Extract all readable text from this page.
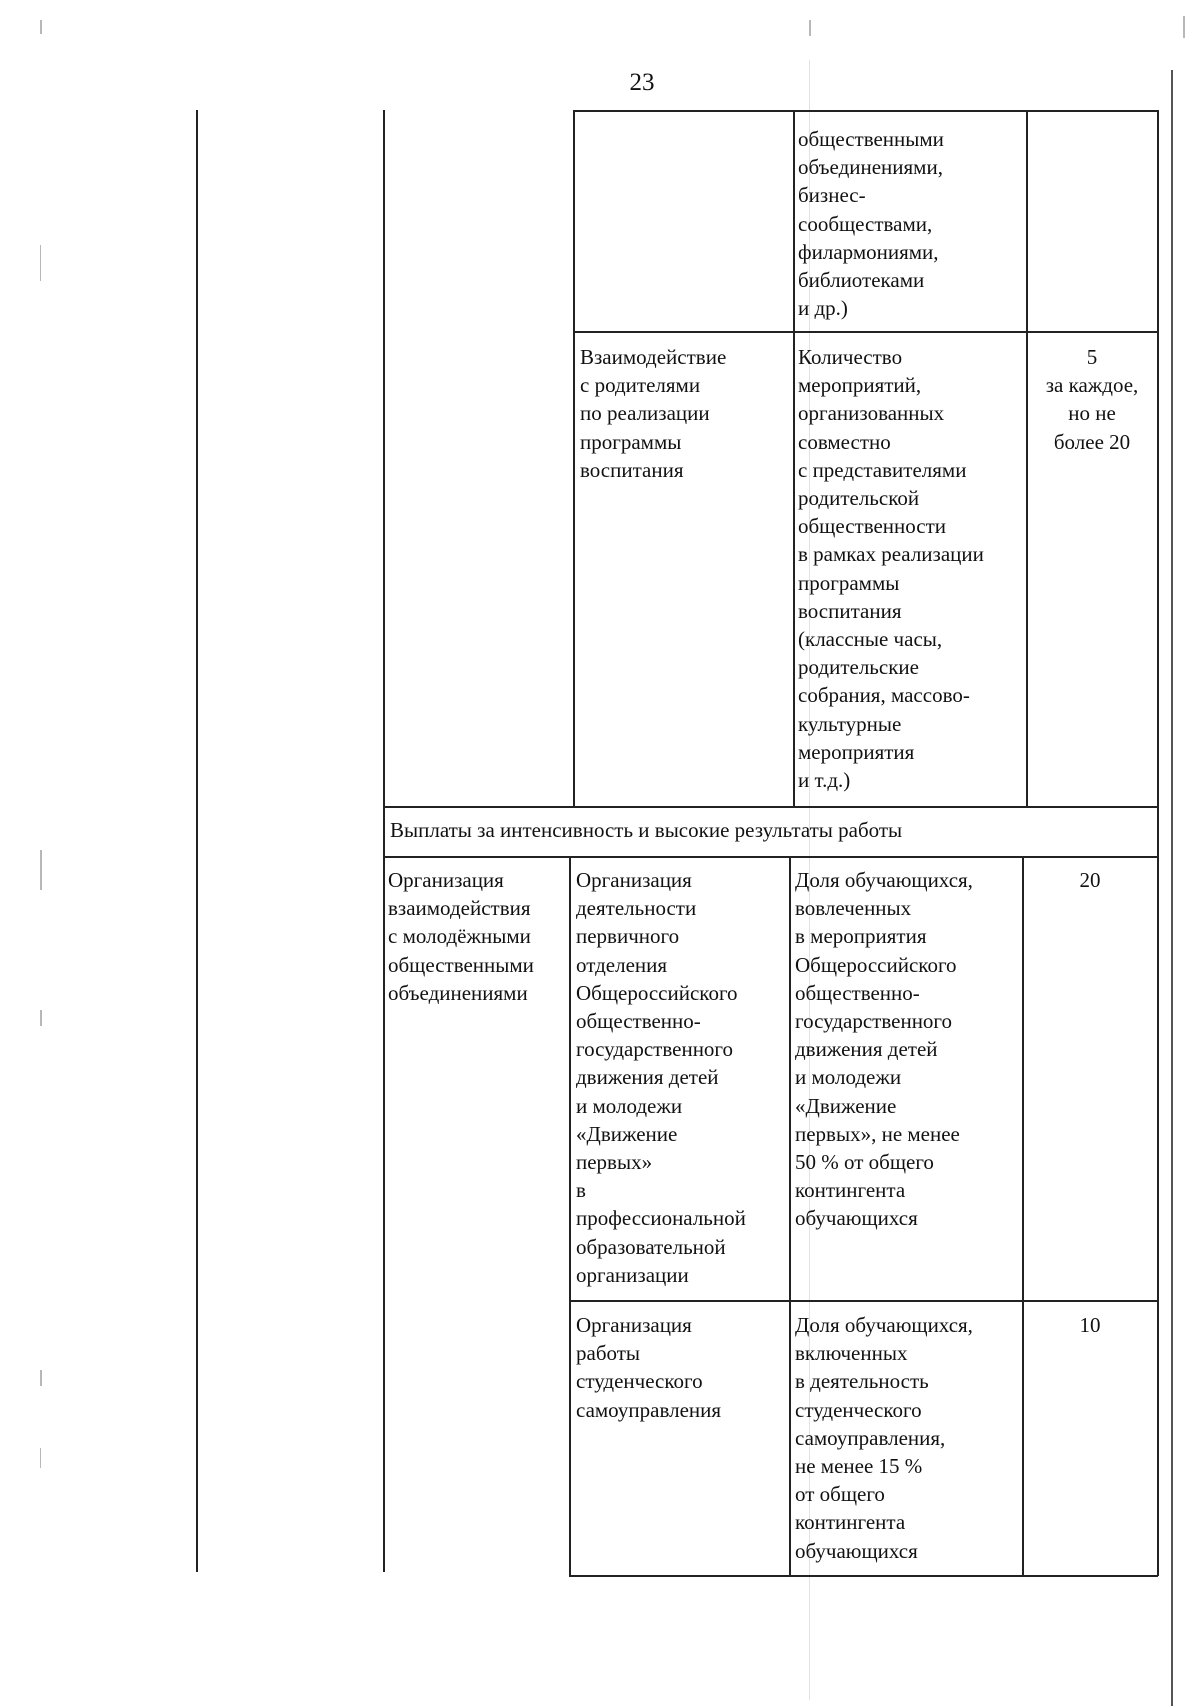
23
общественными
объединениями,
бизнес-
сообществами,
филармониями,
библиотеками
и др.)
Взаимодействие
с родителями
по реализации
программы
воспитания
Количество
мероприятий,
организованных
совместно
с представителями
родительской
общественности
в рамках реализации
программы
воспитания
(классные часы,
родительские
собрания, массово-
культурные
мероприятия
и т.д.)
5
за каждое,
но не
более 20
Выплаты за интенсивность и высокие результаты работы
Организация
взаимодействия
с молодёжными
общественными
объединениями
Организация
деятельности
первичного
отделения
Общероссийского
общественно-
государственного
движения детей
и молодежи
«Движение
первых»
в
профессиональной
образовательной
организации
Доля обучающихся,
вовлеченных
в мероприятия
Общероссийского
общественно-
государственного
движения детей
и молодежи
«Движение
первых», не менее
50 % от общего
контингента
обучающихся
20
Организация
работы
студенческого
самоуправления
Доля обучающихся,
включенных
в деятельность
студенческого
самоуправления,
не менее 15 %
от общего
контингента
обучающихся
10
